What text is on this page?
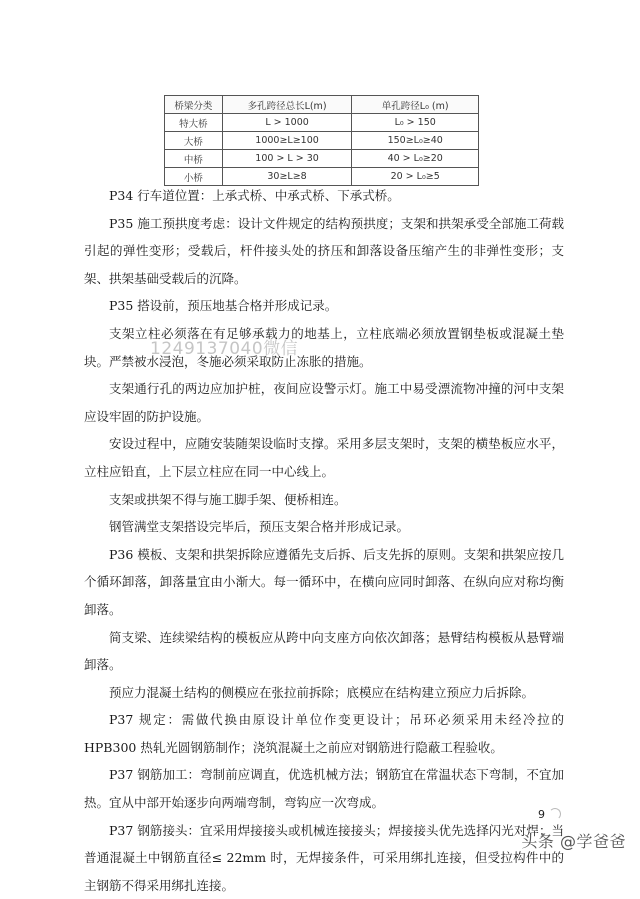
桥梁分类	多孔跨径总长L(m)	单孔跨径L₀ (m)
特大桥	L > 1000	L₀ > 150
大桥	1000≥L≥100	150≥L₀≥40
中桥	100 > L > 30	40 > L₀≥20
小桥	30≥L≥8	20 > L₀≥5

P34 行车道位置：上承式桥、中承式桥、下承式桥。

P35 施工预拱度考虑：设计文件规定的结构预拱度；支架和拱架承受全部施工荷载引起的弹性变形；受载后，杆件接头处的挤压和卸落设备压缩产生的非弹性变形；支架、拱架基础受载后的沉降。

P35 搭设前，预压地基合格并形成记录。

支架立柱必须落在有足够承载力的地基上，立柱底端必须放置钢垫板或混凝土垫块。严禁被水浸泡，冬施必须采取防止冻胀的措施。

支架通行孔的两边应加护桩，夜间应设警示灯。施工中易受漂流物冲撞的河中支架应设牢固的防护设施。

安设过程中，应随安装随架设临时支撑。采用多层支架时，支架的横垫板应水平，立柱应铅直，上下层立柱应在同一中心线上。

支架或拱架不得与施工脚手架、便桥相连。

钢管满堂支架搭设完毕后，预压支架合格并形成记录。

P36 模板、支架和拱架拆除应遵循先支后拆、后支先拆的原则。支架和拱架应按几个循环卸落，卸落量宜由小渐大。每一循环中，在横向应同时卸落、在纵向应对称均衡卸落。

简支梁、连续梁结构的模板应从跨中向支座方向依次卸落；悬臂结构模板从悬臂端卸落。

预应力混凝土结构的侧模应在张拉前拆除；底模应在结构建立预应力后拆除。

P37 规定：需做代换由原设计单位作变更设计；吊环必须采用未经冷拉的 HPB300 热轧光圆钢筋制作；浇筑混凝土之前应对钢筋进行隐蔽工程验收。

P37 钢筋加工：弯制前应调直，优选机械方法；钢筋宜在常温状态下弯制，不宜加热。宜从中部开始逐步向两端弯制，弯钩应一次弯成。

P37 钢筋接头：宜采用焊接接头或机械连接接头；焊接接头优先选择闪光对焊；当普通混凝土中钢筋直径≤ 22mm 时，无焊接条件，可采用绑扎连接，但受拉构件中的主钢筋不得采用绑扎连接。

1249137040微信
9
头条 @学爸爸
